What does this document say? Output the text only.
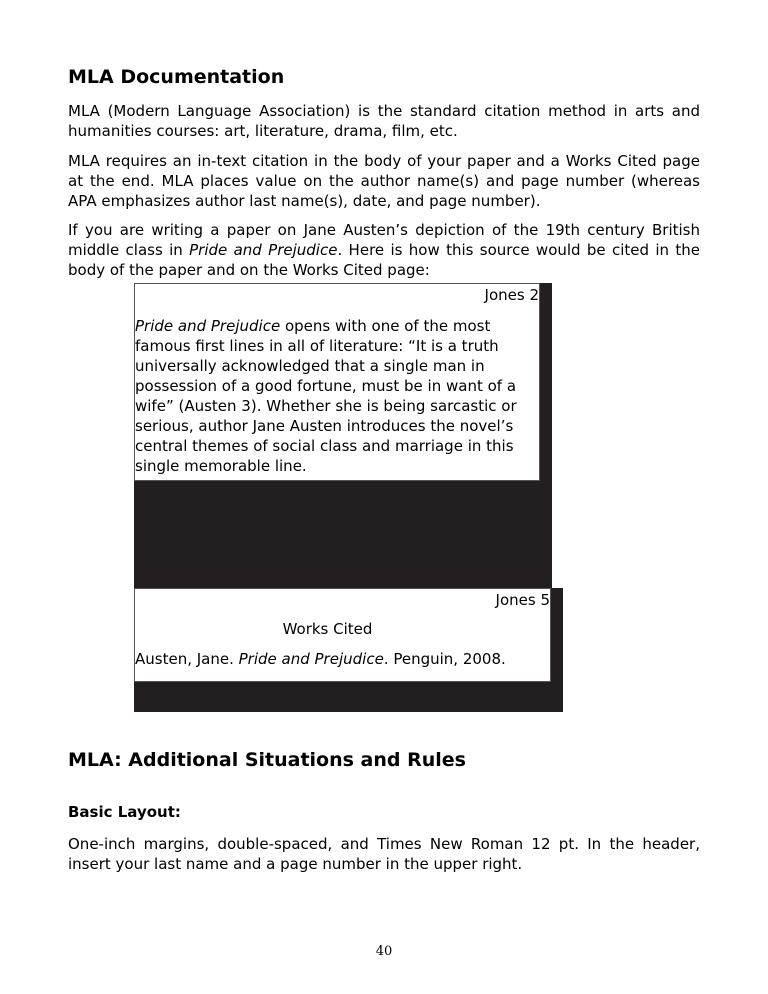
MLA Documentation

MLA (Modern Language Association) is the standard citation method in arts and humanities courses: art, literature, drama, film, etc.

MLA requires an in-text citation in the body of your paper and a Works Cited page at the end. MLA places value on the author name(s) and page number (whereas APA emphasizes author last name(s), date, and page number).

If you are writing a paper on Jane Austen’s depiction of the 19th century British middle class in Pride and Prejudice. Here is how this source would be cited in the body of the paper and on the Works Cited page:

Jones 2

Pride and Prejudice opens with one of the most famous first lines in all of literature: “It is a truth universally acknowledged that a single man in possession of a good fortune, must be in want of a wife” (Austen 3). Whether she is being sarcastic or serious, author Jane Austen introduces the novel’s central themes of social class and marriage in this single memorable line.

Jones 5
Works Cited

Austen, Jane. Pride and Prejudice. Penguin, 2008.

MLA: Additional Situations and Rules
Basic Layout:

One-inch margins, double-spaced, and Times New Roman 12 pt. In the header, insert your last name and a page number in the upper right.

40
